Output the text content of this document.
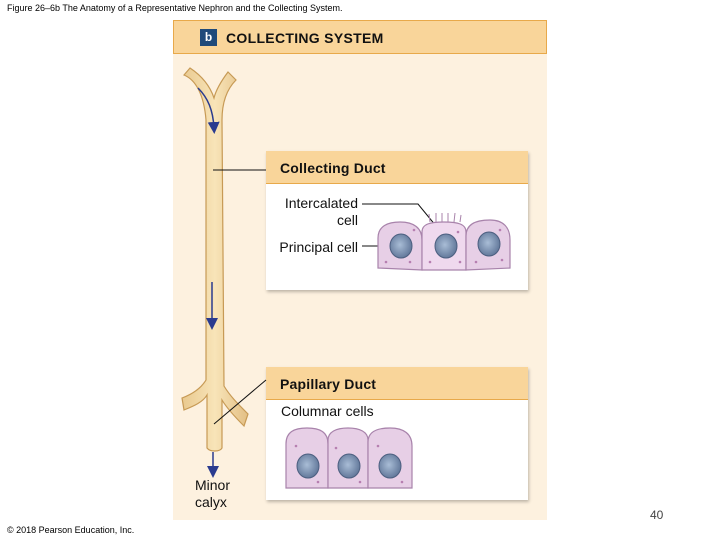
Figure 26–6b The Anatomy of a Representative Nephron and the Collecting System.
b COLLECTING SYSTEM
Collecting Duct
Papillary Duct
Intercalated
cell
Principal cell
Columnar cells
Minor
calyx
40
© 2018 Pearson Education, Inc.
